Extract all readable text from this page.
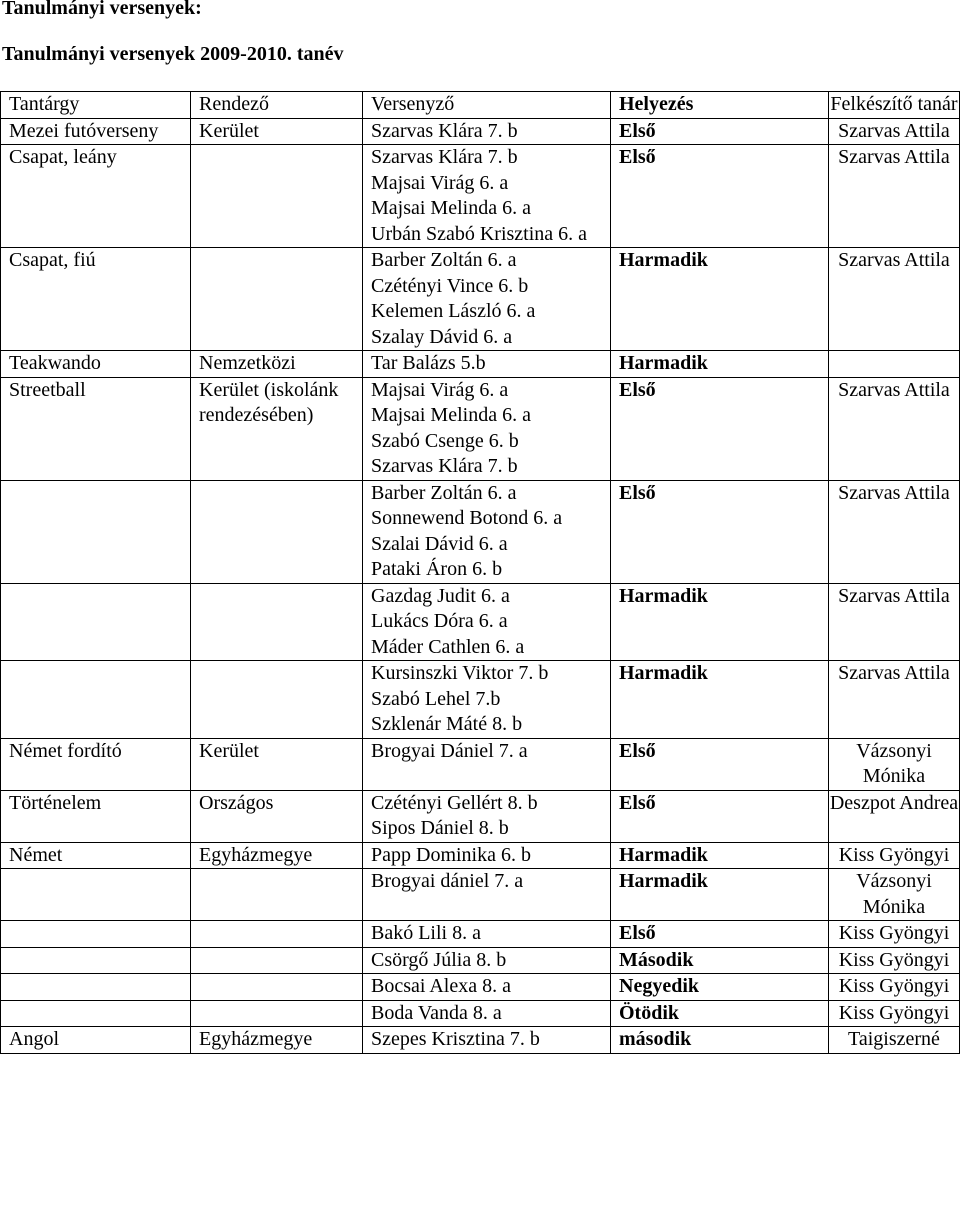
Tanulmányi versenyek:
Tanulmányi versenyek 2009-2010. tanév
Tantárgy	Rendező	Versenyző	Helyezés	Felkészítő tanár
Mezei futóverseny	Kerület	Szarvas Klára 7. b	Első	Szarvas Attila
Csapat, leány		Szarvas Klára 7. b
Majsai Virág 6. a
Majsai Melinda 6. a
Urbán Szabó Krisztina 6. a	Első	Szarvas Attila
Csapat, fiú		Barber Zoltán 6. a
Czétényi Vince 6. b
Kelemen László 6. a
Szalay Dávid 6. a	Harmadik	Szarvas Attila
Teakwando	Nemzetközi	Tar Balázs 5.b	Harmadik	
Streetball	Kerület (iskolánk rendezésében)	Majsai Virág 6. a
Majsai Melinda 6. a
Szabó Csenge 6. b
Szarvas Klára 7. b	Első	Szarvas Attila

		Barber Zoltán 6. a
Sonnewend Botond 6. a
Szalai Dávid 6. a
Pataki Áron 6. b	Első	Szarvas Attila

		Gazdag Judit 6. a
Lukács Dóra 6. a
Máder Cathlen 6. a	Harmadik	Szarvas Attila

		Kursinszki Viktor 7. b
Szabó Lehel 7.b
Szklenár Máté 8. b	Harmadik	Szarvas Attila
Német fordító	Kerület	Brogyai Dániel 7. a	Első	Vázsonyi Mónika
Történelem	Országos	Czétényi Gellért 8. b
Sipos Dániel 8. b	Első	Deszpot Andrea
Német	Egyházmegye	Papp Dominika 6. b	Harmadik	Kiss Gyöngyi

		Brogyai dániel 7. a	Harmadik	Vázsonyi Mónika

		Bakó Lili 8. a	Első	Kiss Gyöngyi

		Csörgő Júlia 8. b	Második	Kiss Gyöngyi

		Bocsai Alexa 8. a	Negyedik	Kiss Gyöngyi

		Boda Vanda 8. a	Ötödik	Kiss Gyöngyi
Angol	Egyházmegye	Szepes Krisztina 7. b	második	Taigiszerné
